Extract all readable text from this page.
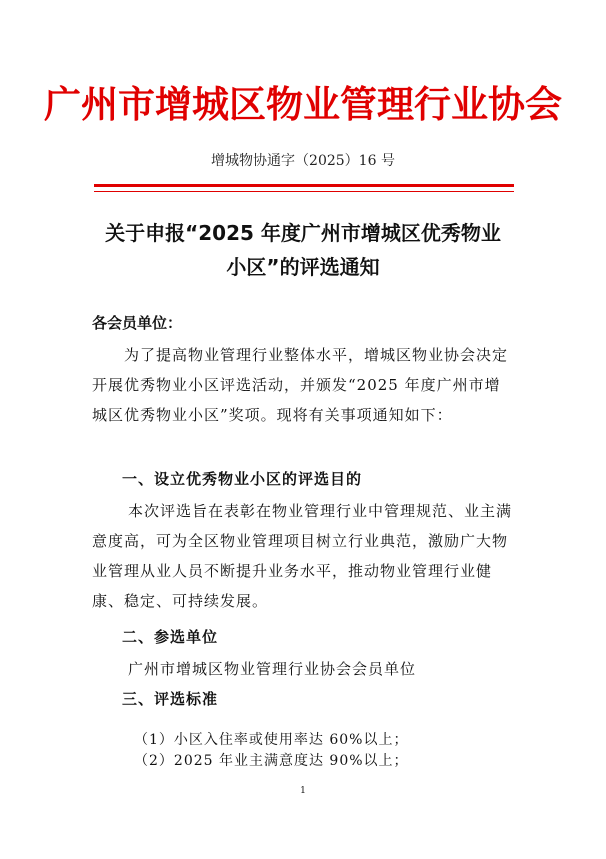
广州市增城区物业管理行业协会
增城物协通字（2025）16 号
关于申报“2025 年度广州市增城区优秀物业
小区”的评选通知
各会员单位：
为了提高物业管理行业整体水平，增城区物业协会决定开展优秀物业小区评选活动，并颁发“2025 年度广州市增城区优秀物业小区”奖项。现将有关事项通知如下：
一、设立优秀物业小区的评选目的
本次评选旨在表彰在物业管理行业中管理规范、业主满意度高，可为全区物业管理项目树立行业典范，激励广大物业管理从业人员不断提升业务水平，推动物业管理行业健康、稳定、可持续发展。
二、参选单位
广州市增城区物业管理行业协会会员单位
三、评选标准
（1）小区入住率或使用率达 60%以上；
（2）2025 年业主满意度达 90%以上；
1
